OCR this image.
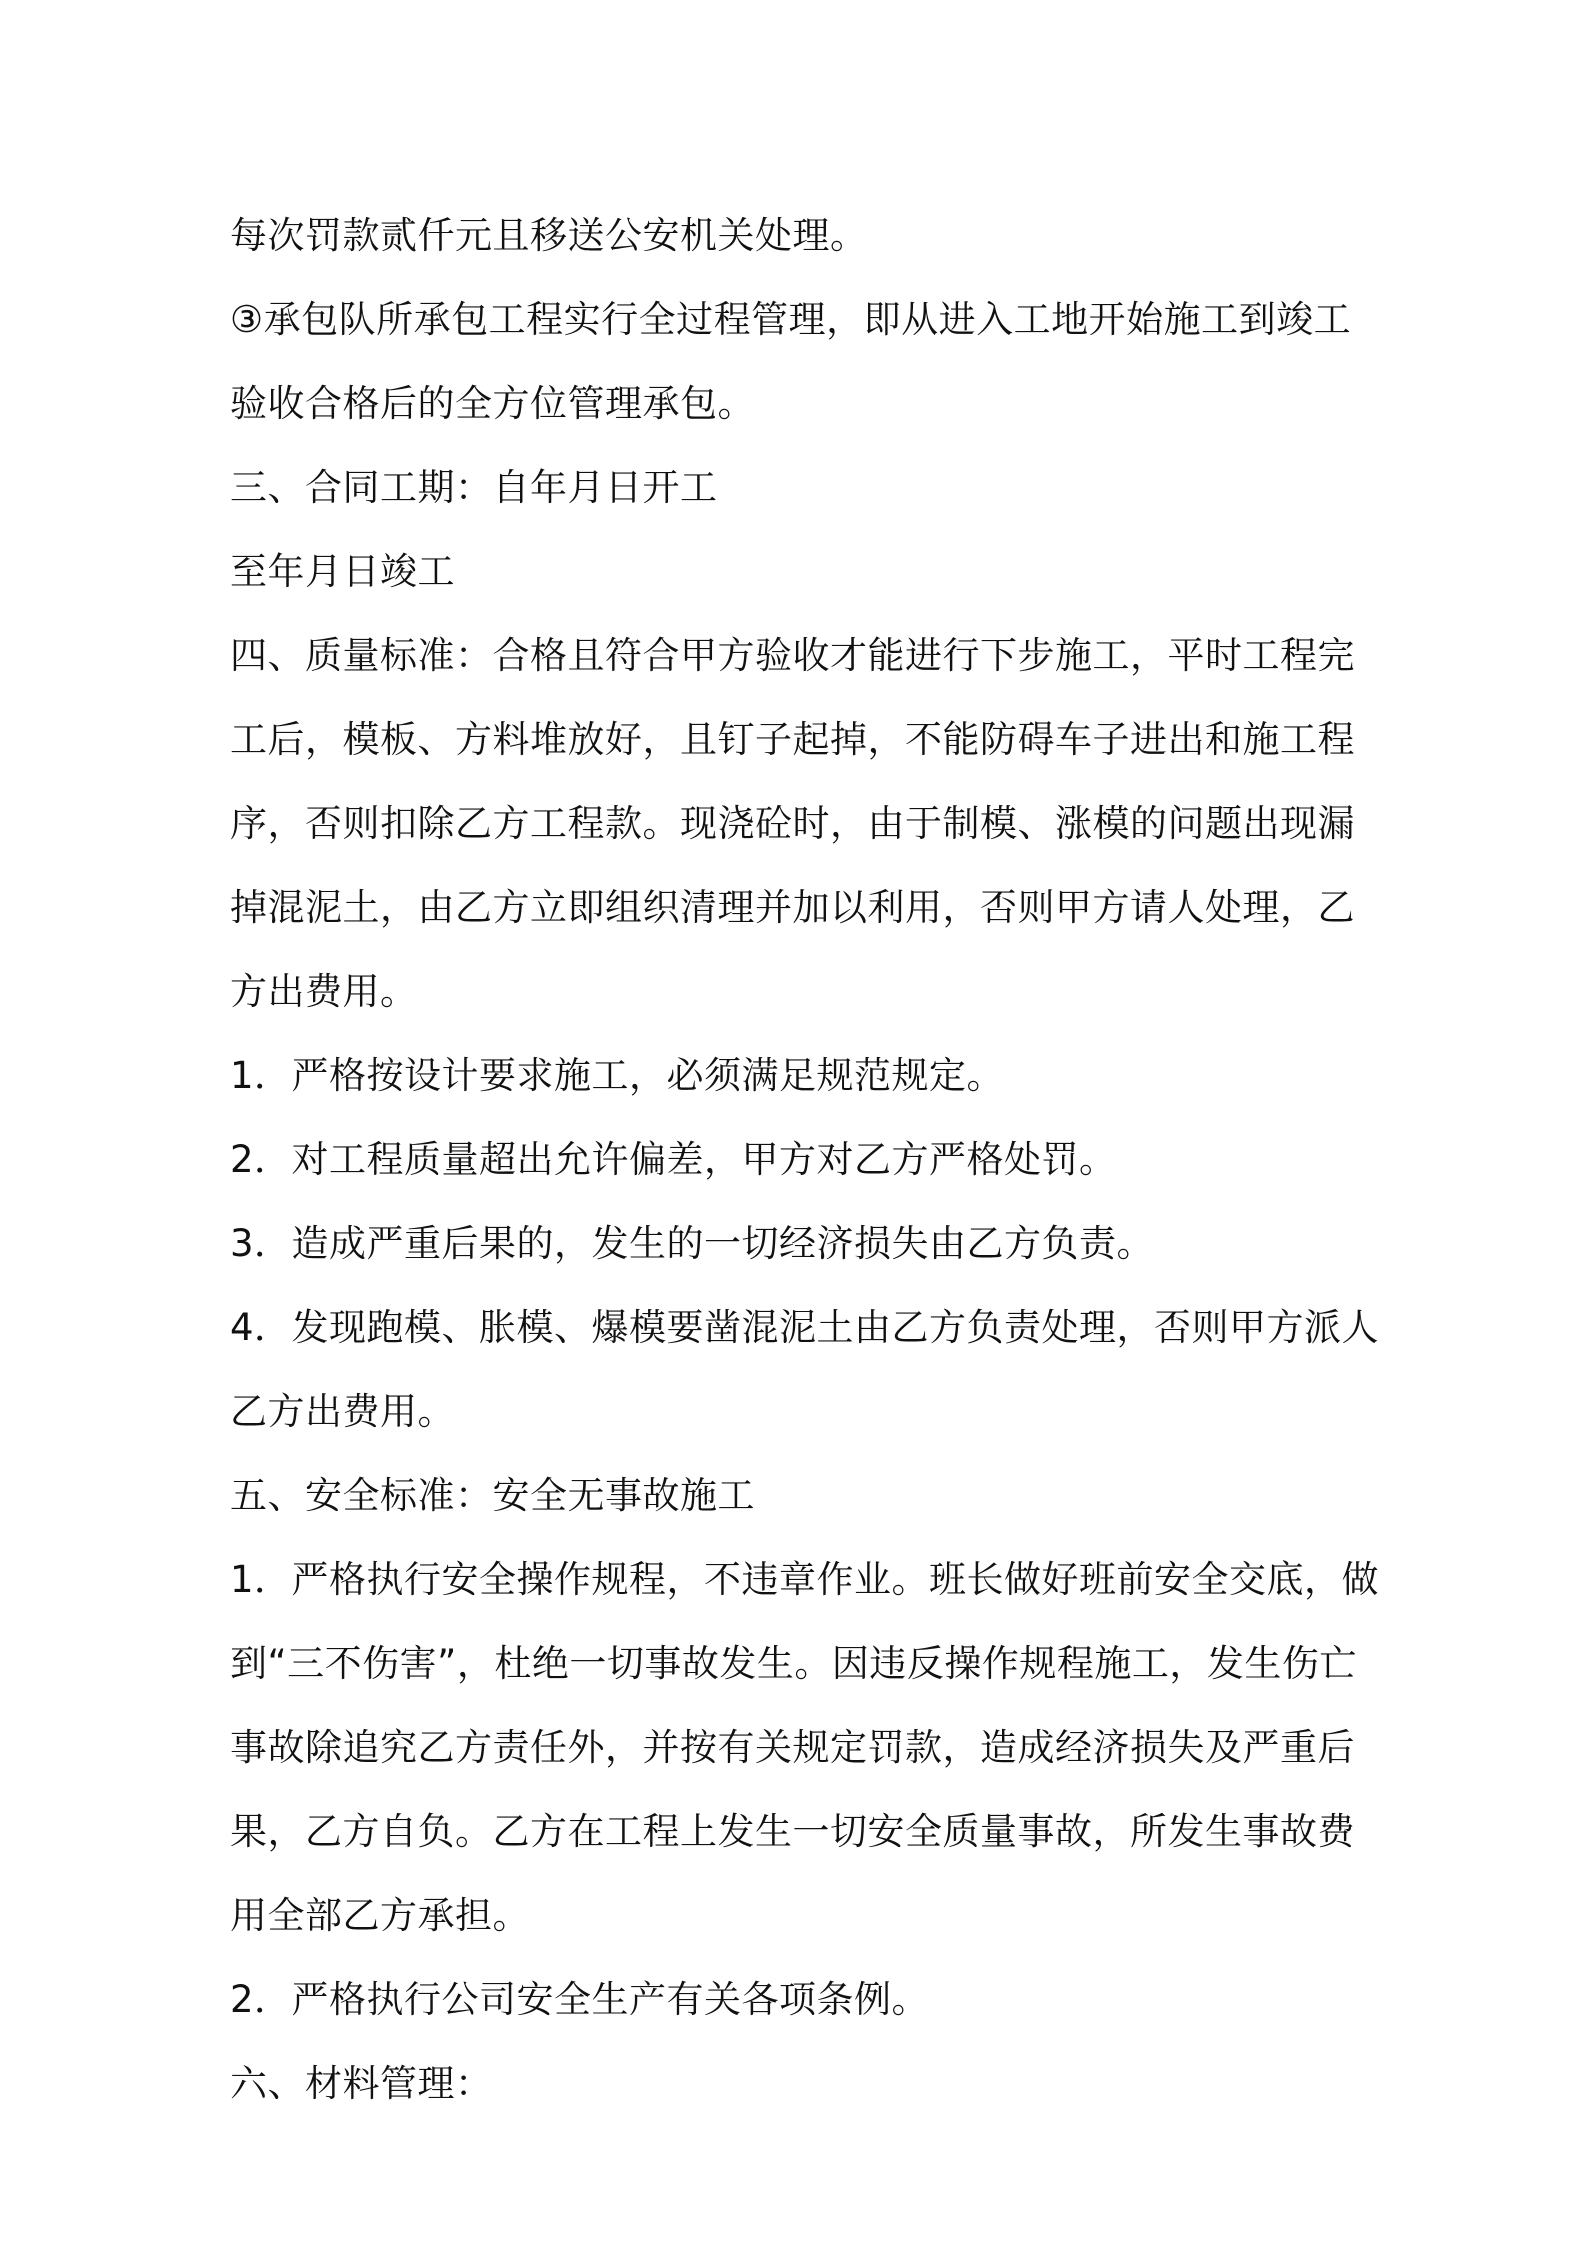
每次罚款贰仟元且移送公安机关处理。
③承包队所承包工程实行全过程管理，即从进入工地开始施工到竣工
验收合格后的全方位管理承包。
三、合同工期：自年月日开工
至年月日竣工
四、质量标准：合格且符合甲方验收才能进行下步施工，平时工程完
工后，模板、方料堆放好，且钉子起掉，不能防碍车子进出和施工程
序，否则扣除乙方工程款。现浇砼时，由于制模、涨模的问题出现漏
掉混泥土，由乙方立即组织清理并加以利用，否则甲方请人处理，乙
方出费用。
1．严格按设计要求施工，必须满足规范规定。
2．对工程质量超出允许偏差，甲方对乙方严格处罚。
3．造成严重后果的，发生的一切经济损失由乙方负责。
4．发现跑模、胀模、爆模要凿混泥土由乙方负责处理，否则甲方派人
乙方出费用。
五、安全标准：安全无事故施工
1．严格执行安全操作规程，不违章作业。班长做好班前安全交底，做
到“三不伤害”，杜绝一切事故发生。因违反操作规程施工，发生伤亡
事故除追究乙方责任外，并按有关规定罚款，造成经济损失及严重后
果，乙方自负。乙方在工程上发生一切安全质量事故，所发生事故费
用全部乙方承担。
2．严格执行公司安全生产有关各项条例。
六、材料管理：
